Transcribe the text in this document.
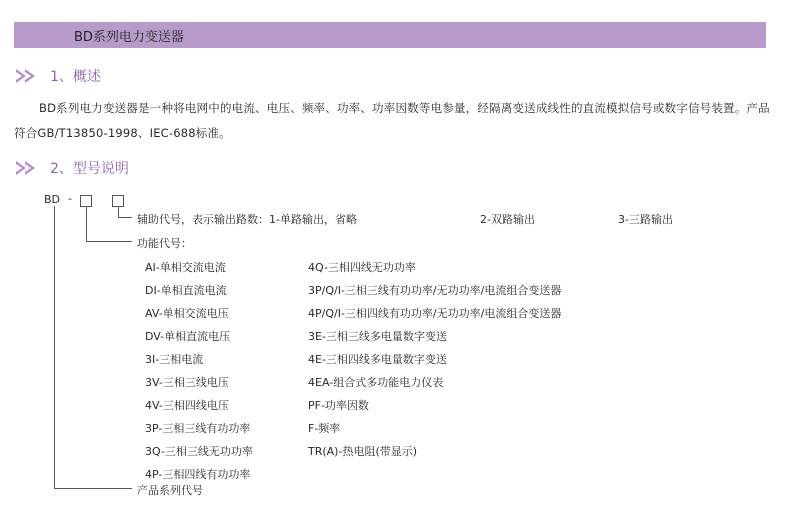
BD系列电力变送器
1、概述
BD系列电力变送器是一种将电网中的电流、电压、频率、功率、功率因数等电参量，经隔离变送成线性的直流模拟信号或数字信号装置。产品符合GB/T13850-1998、IEC-688标准。
2、型号说明
BD -
辅助代号，表示输出路数：1-单路输出，省略	2-双路输出	3-三路输出
功能代号：
AI-单相交流电流
DI-单相直流电流
AV-单相交流电压
DV-单相直流电压
3I-三相电流
3V-三相三线电压
4V-三相四线电压
3P-三相三线有功功率
3Q-三相三线无功功率
4P-三相四线有功功率
4Q-三相四线无功功率
3P/Q/I-三相三线有功功率/无功功率/电流组合变送器
4P/Q/I-三相四线有功功率/无功功率/电流组合变送器
3E-三相三线多电量数字变送
4E-三相四线多电量数字变送
4EA-组合式多功能电力仪表
PF-功率因数
F-频率
TR(A)-热电阻(带显示)
产品系列代号
